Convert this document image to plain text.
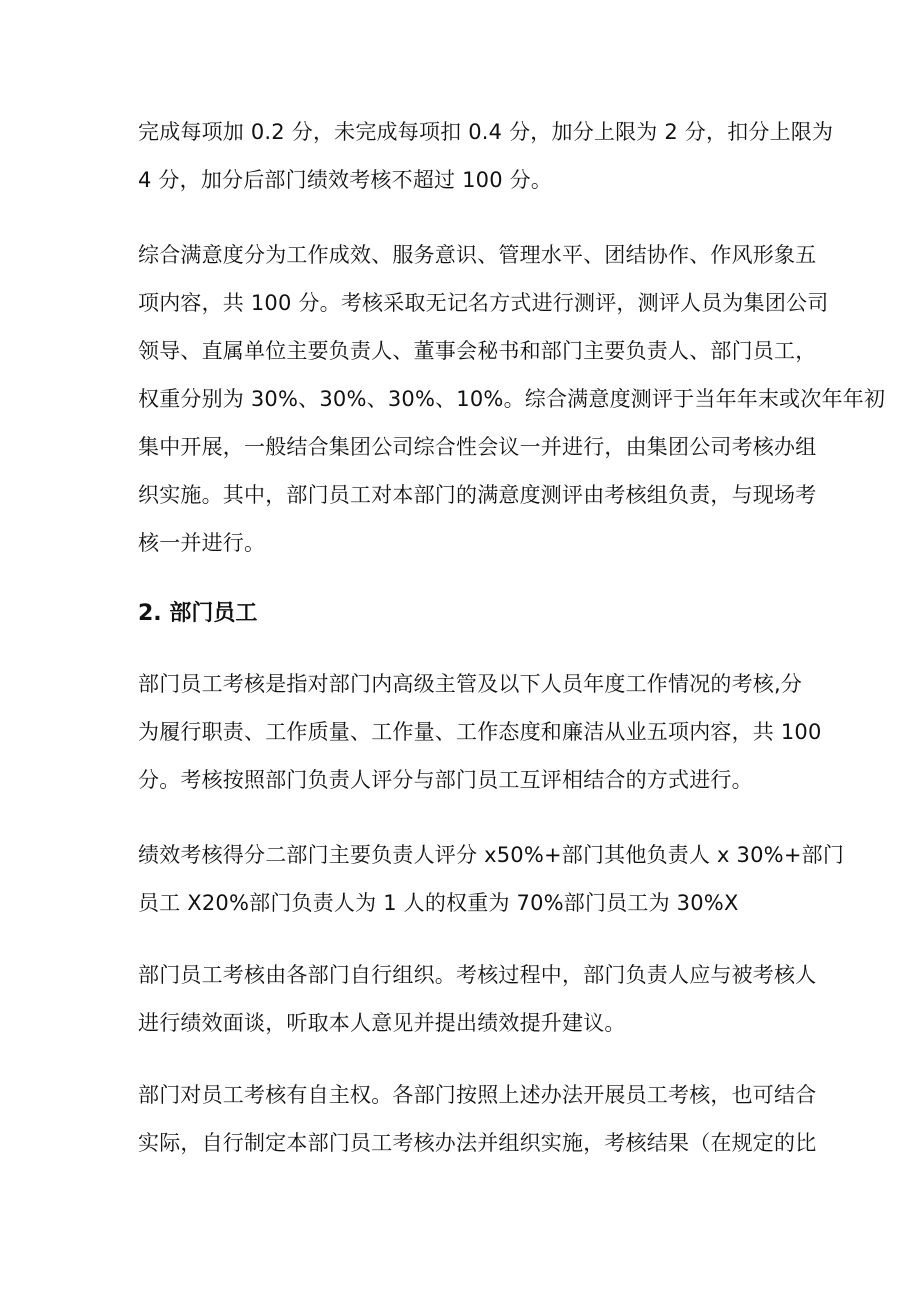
完成每项加 0.2 分，未完成每项扣 0.4 分，加分上限为 2 分，扣分上限为
4 分，加分后部门绩效考核不超过 100 分。
综合满意度分为工作成效、服务意识、管理水平、团结协作、作风形象五
项内容，共 100 分。考核采取无记名方式进行测评，测评人员为集团公司
领导、直属单位主要负责人、董事会秘书和部门主要负责人、部门员工，
权重分别为 30%、30%、30%、10%。综合满意度测评于当年年末或次年年初
集中开展，一般结合集团公司综合性会议一并进行，由集团公司考核办组
织实施。其中，部门员工对本部门的满意度测评由考核组负责，与现场考
核一并进行。
2. 部门员工
部门员工考核是指对部门内高级主管及以下人员年度工作情况的考核,分
为履行职责、工作质量、工作量、工作态度和廉洁从业五项内容，共 100
分。考核按照部门负责人评分与部门员工互评相结合的方式进行。
绩效考核得分二部门主要负责人评分 x50%+部门其他负责人 x 30%+部门
员工 X20%部门负责人为 1 人的权重为 70%部门员工为 30%X
部门员工考核由各部门自行组织。考核过程中，部门负责人应与被考核人
进行绩效面谈，听取本人意见并提出绩效提升建议。
部门对员工考核有自主权。各部门按照上述办法开展员工考核，也可结合
实际，自行制定本部门员工考核办法并组织实施，考核结果（在规定的比
